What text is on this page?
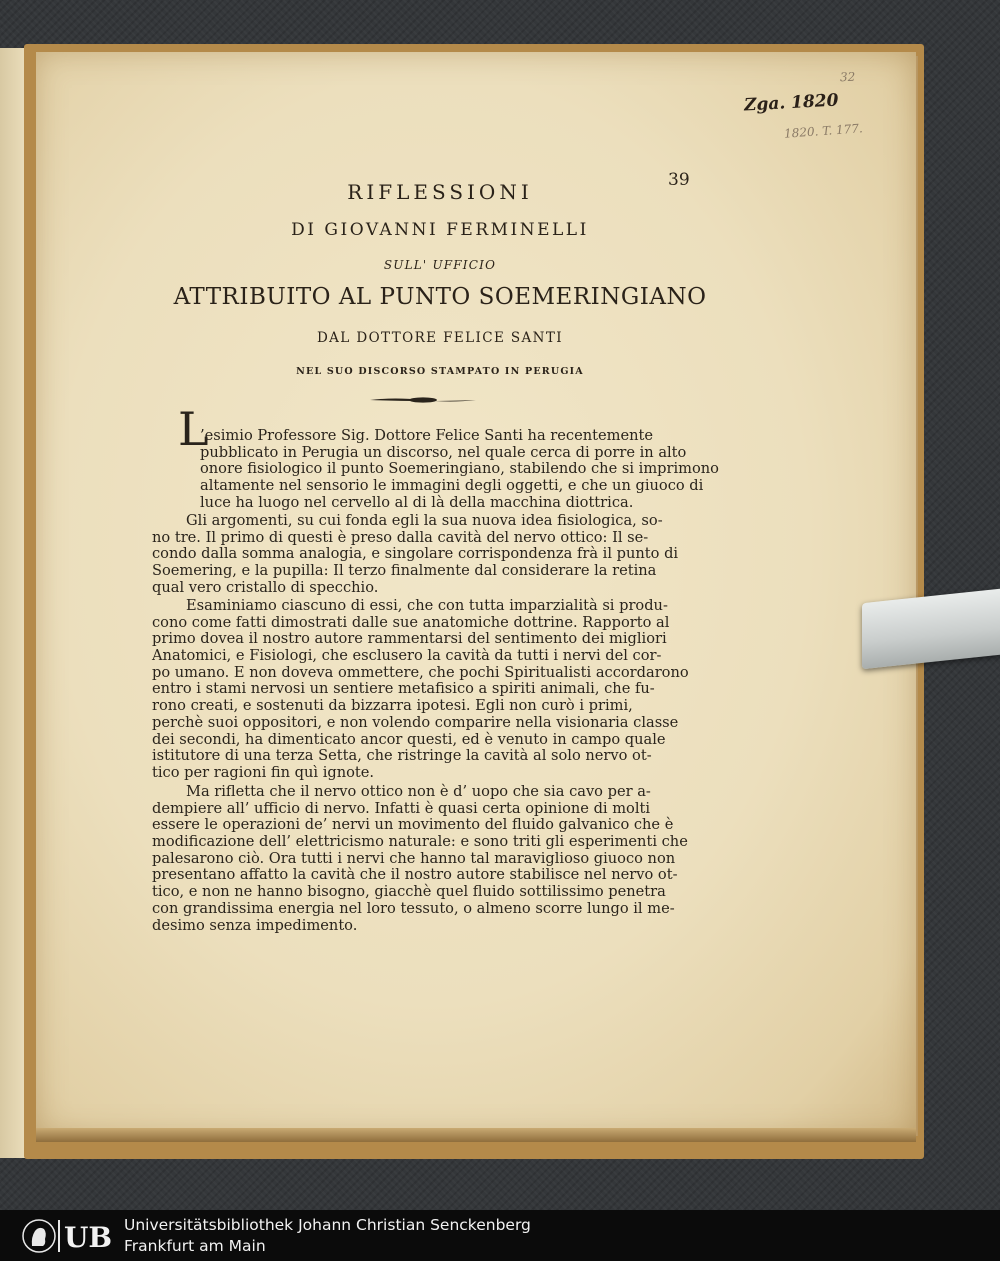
Zga. 1820
32
1820. T. 177.
39
RIFLESSIONI
DI GIOVANNI FERMINELLI
SULL' UFFICIO
ATTRIBUITO AL PUNTO SOEMERINGIANO
DAL DOTTORE FELICE SANTI
NEL SUO DISCORSO STAMPATO IN PERUGIA
L
’esimio Professore Sig. Dottore Felice Santi ha recentemente
pubblicato in Perugia un discorso, nel quale cerca di porre in alto
onore fisiologico il punto Soemeringiano, stabilendo che si imprimono
altamente nel sensorio le immagini degli oggetti, e che un giuoco di
luce ha luogo nel cervello al di là della macchina diottrica.
Gli argomenti, su cui fonda egli la sua nuova idea fisiologica, so-
no tre. Il primo di questi è preso dalla cavità del nervo ottico: Il se-
condo dalla somma analogia, e singolare corrispondenza frà il punto di
Soemering, e la pupilla: Il terzo finalmente dal considerare la retina
qual vero cristallo di specchio.
Esaminiamo ciascuno di essi, che con tutta imparzialità si produ-
cono come fatti dimostrati dalle sue anatomiche dottrine. Rapporto al
primo dovea il nostro autore rammentarsi del sentimento dei migliori
Anatomici, e Fisiologi, che esclusero la cavità da tutti i nervi del cor-
po umano. E non doveva ommettere, che pochi Spiritualisti accordarono
entro i stami nervosi un sentiere metafisico a spiriti animali, che fu-
rono creati, e sostenuti da bizzarra ipotesi. Egli non curò i primi,
perchè suoi oppositori, e non volendo comparire nella visionaria classe
dei secondi, ha dimenticato ancor questi, ed è venuto in campo quale
istitutore di una terza Setta, che ristringe la cavità al solo nervo ot-
tico per ragioni fin quì ignote.
Ma rifletta che il nervo ottico non è d’ uopo che sia cavo per a-
dempiere all’ ufficio di nervo. Infatti è quasi certa opinione di molti
essere le operazioni de’ nervi un movimento del fluido galvanico che è
modificazione dell’ elettricismo naturale: e sono triti gli esperimenti che
palesarono ciò. Ora tutti i nervi che hanno tal maraviglioso giuoco non
presentano affatto la cavità che il nostro autore stabilisce nel nervo ot-
tico, e non ne hanno bisogno, giacchè quel fluido sottilissimo penetra
con grandissima energia nel loro tessuto, o almeno scorre lungo il me-
desimo senza impedimento.
UB Universitätsbibliothek Johann Christian Senckenberg
Frankfurt am Main
